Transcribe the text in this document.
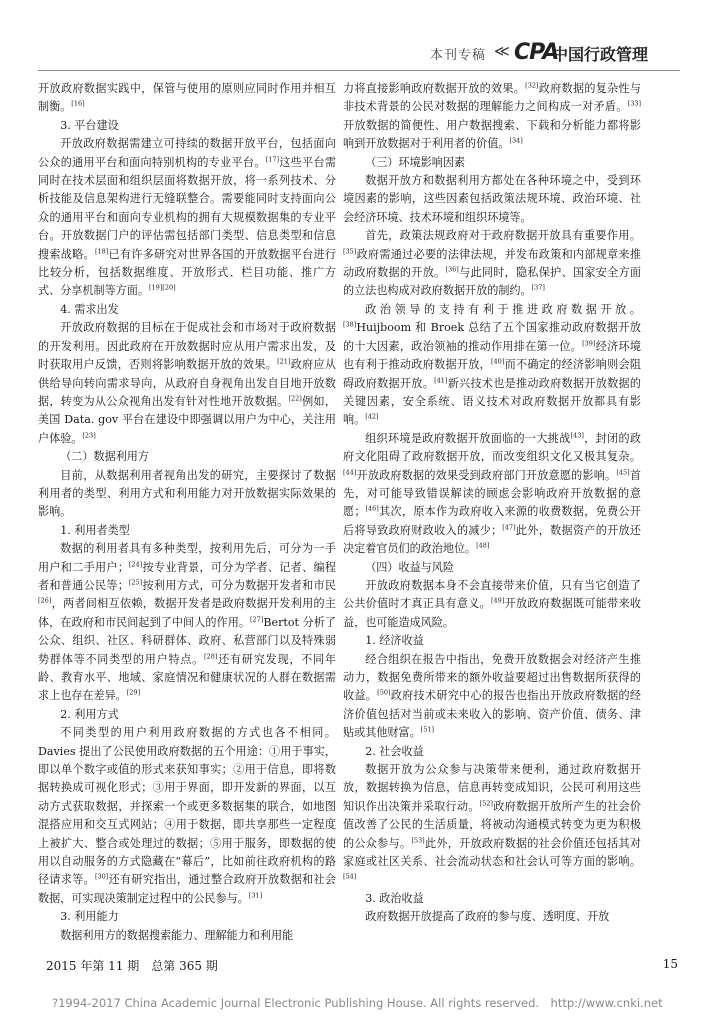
本刊专稿 ≪ CPA
中国行政管理

开放政府数据实践中，保管与使用的原则应同时作用并相互制衡。[16]

3. 平台建设

开放政府数据需建立可持续的数据开放平台，包括面向公众的通用平台和面向特别机构的专业平台。[17]这些平台需同时在技术层面和组织层面将数据开放，将一系列技术、分析技能及信息架构进行无缝联整合。需要能同时支持面向公众的通用平台和面向专业机构的拥有大规模数据集的专业平台。开放数据门户的评估需包括部门类型、信息类型和信息搜索战略。[18]已有许多研究对世界各国的开放数据平台进行比较分析，包括数据维度、开放形式、栏目功能、推广方式、分享机制等方面。[19][20]

4. 需求出发

开放政府数据的目标在于促成社会和市场对于政府数据的开发利用。因此政府在开放数据时应从用户需求出发，及时获取用户反馈，否则将影响数据开放的效果。[21]政府应从供给导向转向需求导向，从政府自身视角出发自目地开放数据，转变为从公众视角出发有针对性地开放数据。[22]例如，美国 Data. gov 平台在建设中即强调以用户为中心，关注用户体验。[23]

（二）数据利用方

目前，从数据利用者视角出发的研究，主要探讨了数据利用者的类型、利用方式和利用能力对开放数据实际效果的影响。

1. 利用者类型

数据的利用者具有多种类型，按利用先后，可分为一手用户和二手用户；[24]按专业背景，可分为学者、记者、编程者和普通公民等；[25]按利用方式，可分为数据开发者和市民[26]，两者间相互依赖，数据开发者是政府数据开发利用的主体，在政府和市民间起到了中间人的作用。[27]Bertot 分析了公众、组织、社区、科研群体、政府、私营部门以及特殊弱势群体等不同类型的用户特点。[28]还有研究发现，不同年龄、教育水平、地域、家庭情况和健康状况的人群在数据需求上也存在差异。[29]

2. 利用方式

不同类型的用户利用政府数据的方式也各不相同。Davies 提出了公民使用政府数据的五个用途：①用于事实，即以单个数字或值的形式来获知事实；②用于信息，即将数据转换成可视化形式；③用于界面，即开发新的界面，以互动方式获取数据，并探索一个或更多数据集的联合，如地图混搭应用和交互式网站；④用于数据，即共享那些一定程度上被扩大、整合或处理过的数据；⑤用于服务，即数据的使用以自动服务的方式隐藏在“幕后”，比如前往政府机构的路径请求等。[30]还有研究指出，通过整合政府开放数据和社会数据，可实现决策制定过程中的公民参与。[31]

3. 利用能力

数据利用方的数据搜索能力、理解能力和利用能

力将直接影响政府数据开放的效果。[32]政府数据的复杂性与非技术背景的公民对数据的理解能力之间构成一对矛盾。[33]开放数据的简便性、用户数据搜索、下载和分析能力都将影响到开放数据对于利用者的价值。[34]

（三）环境影响因素

数据开放方和数据利用方都处在各种环境之中，受到环境因素的影响，这些因素包括政策法规环境、政治环境、社会经济环境、技术环境和组织环境等。

首先，政策法规政府对于政府数据开放具有重要作用。[35]政府需通过必要的法律法规，并发布政策和内部规章来推动政府数据的开放。[36]与此同时，隐私保护、国家安全方面的立法也构成对政府数据开放的制约。[37]

政治领导的支持有利于推进政府数据开放。[38]Huijboom 和 Broek 总结了五个国家推动政府数据开放的十大因素，政治领袖的推动作用排在第一位。[39]经济环境也有利于推动政府数据开放，[40]而不确定的经济影响则会阻碍政府数据开放。[41]新兴技术也是推动政府数据开放数据的关键因素，安全系统、语义技术对政府数据开放都具有影响。[42]

组织环境是政府数据开放面临的一大挑战[43]，封闭的政府文化阻碍了政府数据开放，而改变组织文化又极其复杂。[44]开放政府数据的效果受到政府部门开放意愿的影响。[45]首先，对可能导致错误解读的顾虑会影响政府开放数据的意愿；[46]其次，原本作为政府收入来源的收费数据，免费公开后将导致政府财政收入的减少；[47]此外，数据资产的开放还决定着官员们的政治地位。[48]

（四）收益与风险

开放政府数据本身不会直接带来价值，只有当它创造了公共价值时才真正具有意义。[49]开放政府数据既可能带来收益，也可能造成风险。

1. 经济收益

经合组织在报告中指出，免费开放数据会对经济产生推动力，数据免费所带来的额外收益要超过出售数据所获得的收益。[50]政府技术研究中心的报告也指出开放政府数据的经济价值包括对当前或未来收入的影响、资产价值、债务、津贴或其他财富。[51]

2. 社会收益

数据开放为公众参与决策带来便利，通过政府数据开放，数据转换为信息，信息再转变成知识，公民可利用这些知识作出决策并采取行动。[52]政府数据开放所产生的社会价值改善了公民的生活质量，将被动沟通模式转变为更为积极的公众参与。[53]此外，开放政府数据的社会价值还包括其对家庭或社区关系、社会流动状态和社会认可等方面的影响。[54]

3. 政治收益

政府数据开放提高了政府的参与度、透明度、开放

2015 年第 11 期　总第 365 期	15
?1994-2017 China Academic Journal Electronic Publishing House. All rights reserved.　http://www.cnki.net
